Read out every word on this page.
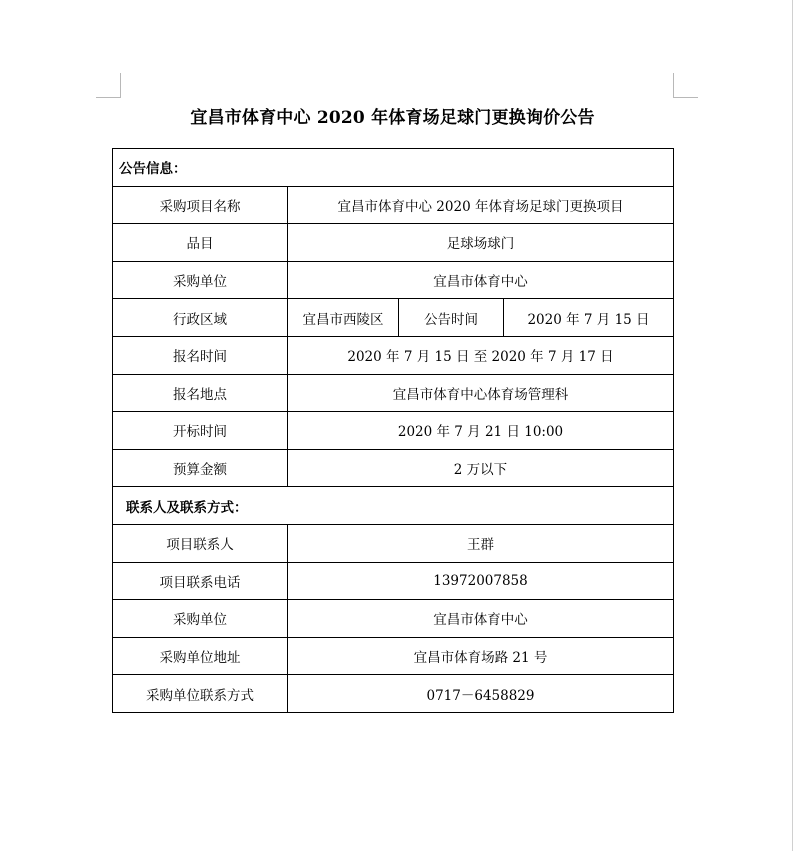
宜昌市体育中心 2020 年体育场足球门更换询价公告
公告信息：			
采购项目名称	宜昌市体育中心 2020 年体育场足球门更换项目		
品目	足球场球门		
采购单位	宜昌市体育中心		
行政区域	宜昌市西陵区	公告时间	2020 年 7 月 15 日
报名时间	2020 年 7 月 15 日 至 2020 年 7 月 17 日		
报名地点	宜昌市体育中心体育场管理科		
开标时间	2020 年 7 月 21 日 10:00		
预算金额	2 万以下		
联系人及联系方式：			
项目联系人	王群		
项目联系电话	13972007858		
采购单位	宜昌市体育中心		
采购单位地址	宜昌市体育场路 21 号		
采购单位联系方式	0717－6458829		
